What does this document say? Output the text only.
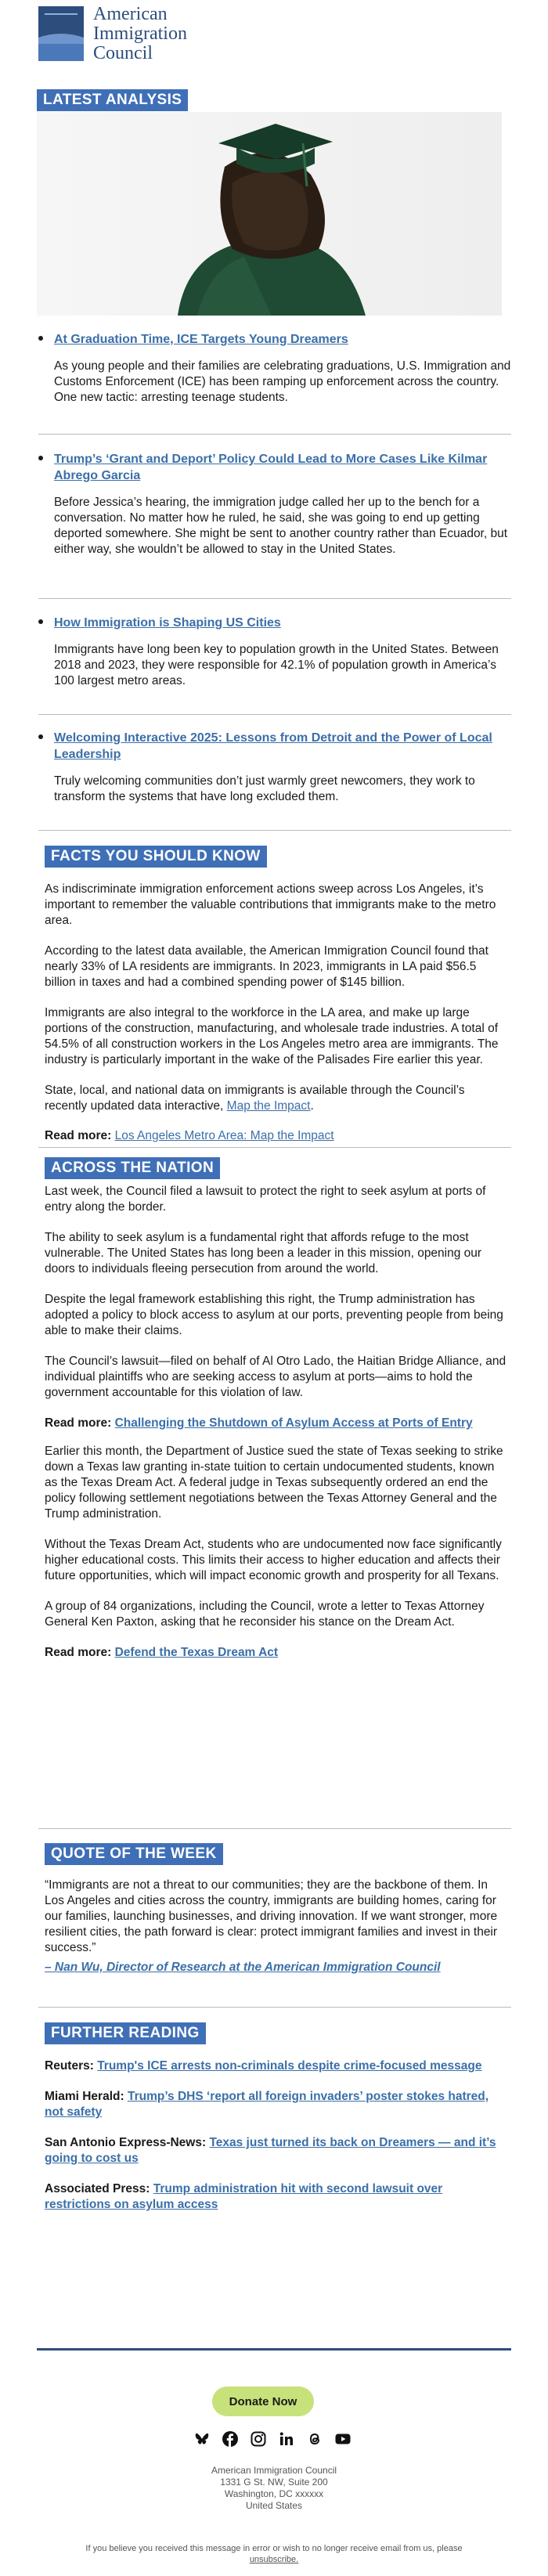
American
Immigration
Council
LATEST ANALYSIS
At Graduation Time, ICE Targets Young Dreamers
As young people and their families are celebrating graduations, U.S. Immigration and Customs Enforcement (ICE) has been ramping up enforcement across the country. One new tactic: arresting teenage students.
Trump’s ‘Grant and Deport’ Policy Could Lead to More Cases Like Kilmar Abrego Garcia
Before Jessica’s hearing, the immigration judge called her up to the bench for a conversation. No matter how he ruled, he said, she was going to end up getting deported somewhere. She might be sent to another country rather than Ecuador, but either way, she wouldn’t be allowed to stay in the United States.
How Immigration is Shaping US Cities
Immigrants have long been key to population growth in the United States. Between 2018 and 2023, they were responsible for 42.1% of population growth in America’s 100 largest metro areas.
Welcoming Interactive 2025: Lessons from Detroit and the Power of Local Leadership
Truly welcoming communities don’t just warmly greet newcomers, they work to transform the systems that have long excluded them.
FACTS YOU SHOULD KNOW

As indiscriminate immigration enforcement actions sweep across Los Angeles, it’s important to remember the valuable contributions that immigrants make to the metro area.

According to the latest data available, the American Immigration Council found that nearly 33% of LA residents are immigrants. In 2023, immigrants in LA paid $56.5 billion in taxes and had a combined spending power of $145 billion.

Immigrants are also integral to the workforce in the LA area, and make up large portions of the construction, manufacturing, and wholesale trade industries. A total of 54.5% of all construction workers in the Los Angeles metro area are immigrants. The industry is particularly important in the wake of the Palisades Fire earlier this year.

State, local, and national data on immigrants is available through the Council’s recently updated data interactive, Map the Impact.

Read more: Los Angeles Metro Area: Map the Impact

ACROSS THE NATION

Last week, the Council filed a lawsuit to protect the right to seek asylum at ports of entry along the border.

The ability to seek asylum is a fundamental right that affords refuge to the most vulnerable. The United States has long been a leader in this mission, opening our doors to individuals fleeing persecution from around the world.

Despite the legal framework establishing this right, the Trump administration has adopted a policy to block access to asylum at our ports, preventing people from being able to make their claims.

The Council’s lawsuit—filed on behalf of Al Otro Lado, the Haitian Bridge Alliance, and individual plaintiffs who are seeking access to asylum at ports—aims to hold the government accountable for this violation of law.

Read more: Challenging the Shutdown of Asylum Access at Ports of Entry

Earlier this month, the Department of Justice sued the state of Texas seeking to strike down a Texas law granting in-state tuition to certain undocumented students, known as the Texas Dream Act. A federal judge in Texas subsequently ordered an end the policy following settlement negotiations between the Texas Attorney General and the Trump administration.

Without the Texas Dream Act, students who are undocumented now face significantly higher educational costs. This limits their access to higher education and affects their future opportunities, which will impact economic growth and prosperity for all Texans.

A group of 84 organizations, including the Council, wrote a letter to Texas Attorney General Ken Paxton, asking that he reconsider his stance on the Dream Act.

Read more: Defend the Texas Dream Act

QUOTE OF THE WEEK

“Immigrants are not a threat to our communities; they are the backbone of them. In Los Angeles and cities across the country, immigrants are building homes, caring for our families, launching businesses, and driving innovation. If we want stronger, more resilient cities, the path forward is clear: protect immigrant families and invest in their success.”

– Nan Wu, Director of Research at the American Immigration Council

FURTHER READING

Reuters: Trump's ICE arrests non-criminals despite crime-focused message

Miami Herald: Trump’s DHS ‘report all foreign invaders’ poster stokes hatred, not safety

San Antonio Express-News: Texas just turned its back on Dreamers — and it’s going to cost us

Associated Press: Trump administration hit with second lawsuit over restrictions on asylum access

Donate Now
American Immigration Council
1331 G St. NW, Suite 200
Washington, DC xxxxxx
United States
If you believe you received this message in error or wish to no longer receive email from us, please
unsubscribe.
